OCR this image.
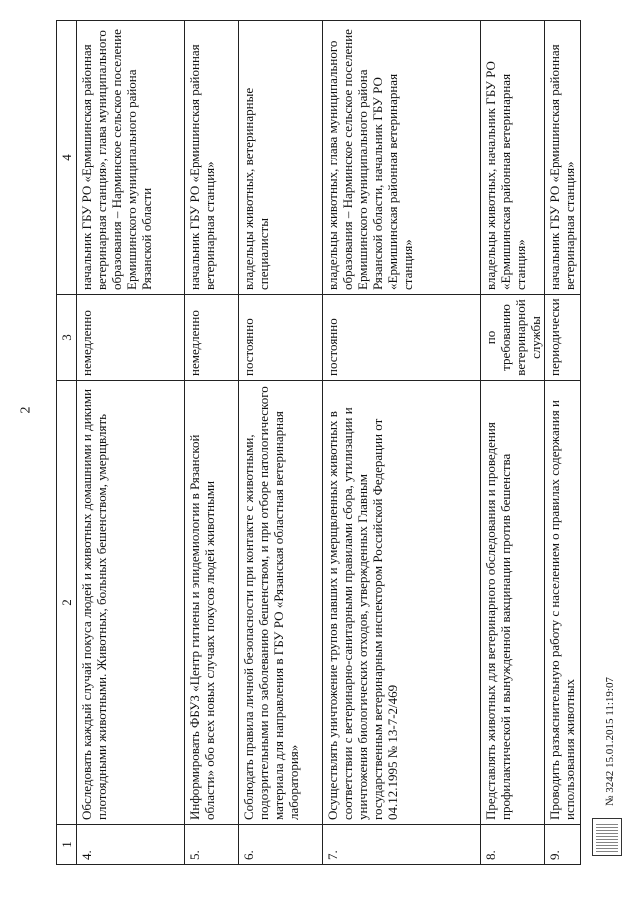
2
1
2
3
4
4.
Обследовать каждый случай покуса людей и животных домашними и дикими плотоядными животными. Животных, больных бешенством, умерщвлять
немедленно
начальник ГБУ РО «Ермишинская районная ветеринарная станция», глава муниципального образования – Нарминское сельское поселение Ермишинского муниципального района Рязанской области
5.
Информировать ФБУЗ «Центр гигиены и эпидемиологии в Рязанской области» обо всех новых случаях покусов людей животными
немедленно
начальник ГБУ РО «Ермишинская районная ветеринарная станция»
6.
Соблюдать правила личной безопасности при контакте с животными, подозрительными по заболеванию бешенством, и при отборе патологического материала для направления в ГБУ РО «Рязанская областная ветеринарная лаборатория»
постоянно
владельцы животных, ветеринарные специалисты
7.
Осуществлять уничтожение трупов павших и умерщвленных животных в соответствии с ветеринарно-санитарными правилами сбора, утилизации и уничтожения биологических отходов, утвержденных Главным государственным ветеринарным инспектором Российской Федерации от 04.12.1995 № 13-7-2/469
постоянно
владельцы животных, глава муниципального образования – Нарминское сельское поселение Ермишинского муниципального района Рязанской области, начальник ГБУ РО «Ермишинская районная ветеринарная станция»
8.
Представлять животных для ветеринарного обследования и проведения профилактической и вынужденной вакцинации против бешенства
по требованию ветеринарной службы
владельцы животных, начальник ГБУ РО «Ермишинская районная ветеринарная станция»
9.
Проводить разъяснительную работу с населением о правилах содержания и использования животных
периодически
начальник ГБУ РО «Ермишинская районная ветеринарная станция»
№ 3242 15.01.2015 11:19:07
